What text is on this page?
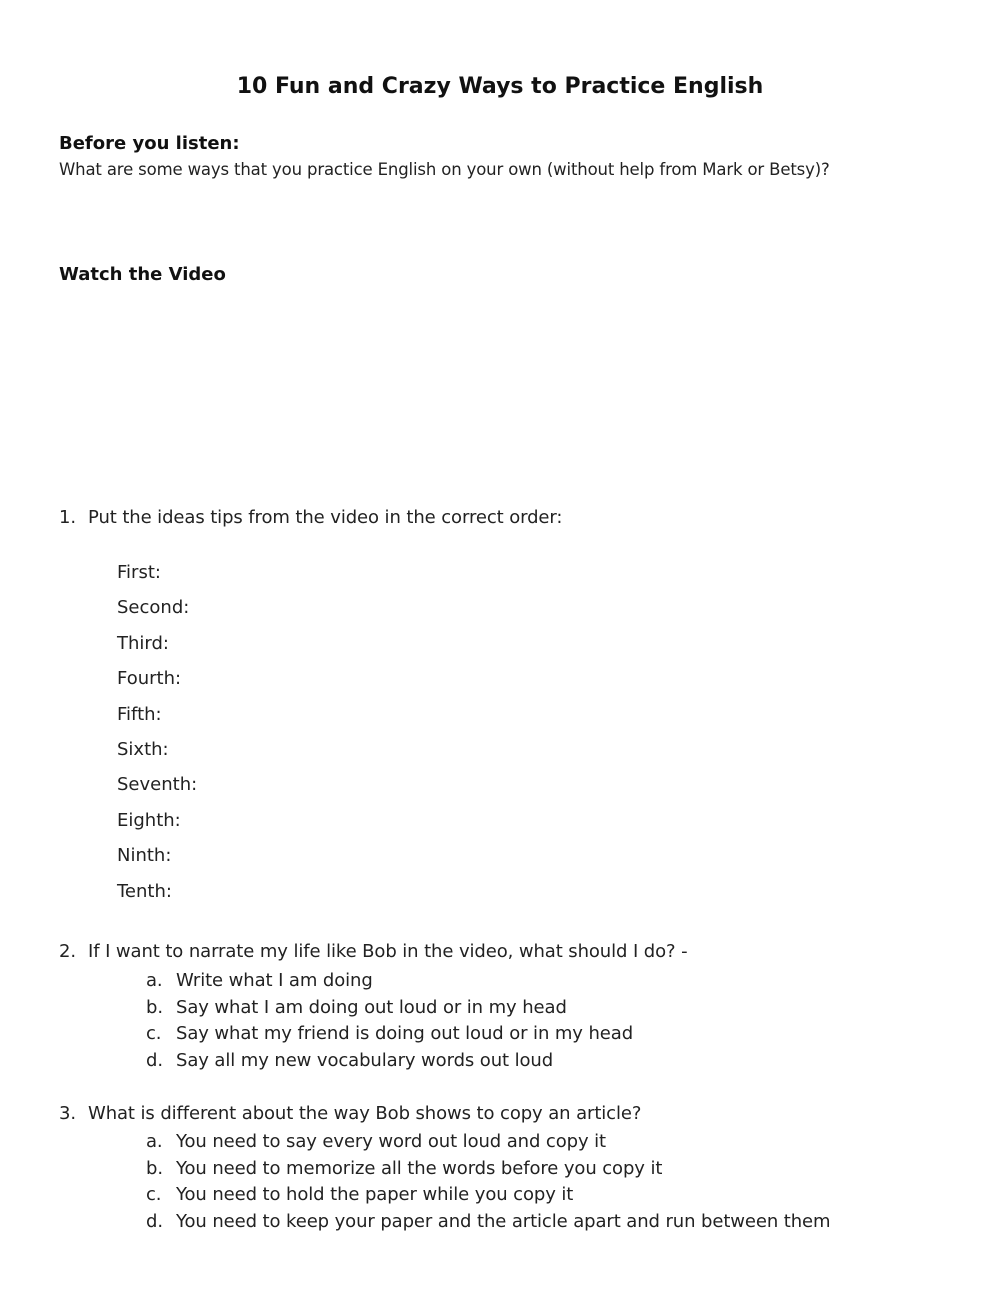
10 Fun and Crazy Ways to Practice English
Before you listen:
What are some ways that you practice English on your own (without help from Mark or Betsy)?
Watch the Video
1. Put the ideas tips from the video in the correct order:
First:
Second:
Third:
Fourth:
Fifth:
Sixth:
Seventh:
Eighth:
Ninth:
Tenth:
2. If I want to narrate my life like Bob in the video, what should I do? -
a. Write what I am doing
b. Say what I am doing out loud or in my head
c. Say what my friend is doing out loud or in my head
d. Say all my new vocabulary words out loud
3. What is different about the way Bob shows to copy an article?
a. You need to say every word out loud and copy it
b. You need to memorize all the words before you copy it
c. You need to hold the paper while you copy it
d. You need to keep your paper and the article apart and run between them
